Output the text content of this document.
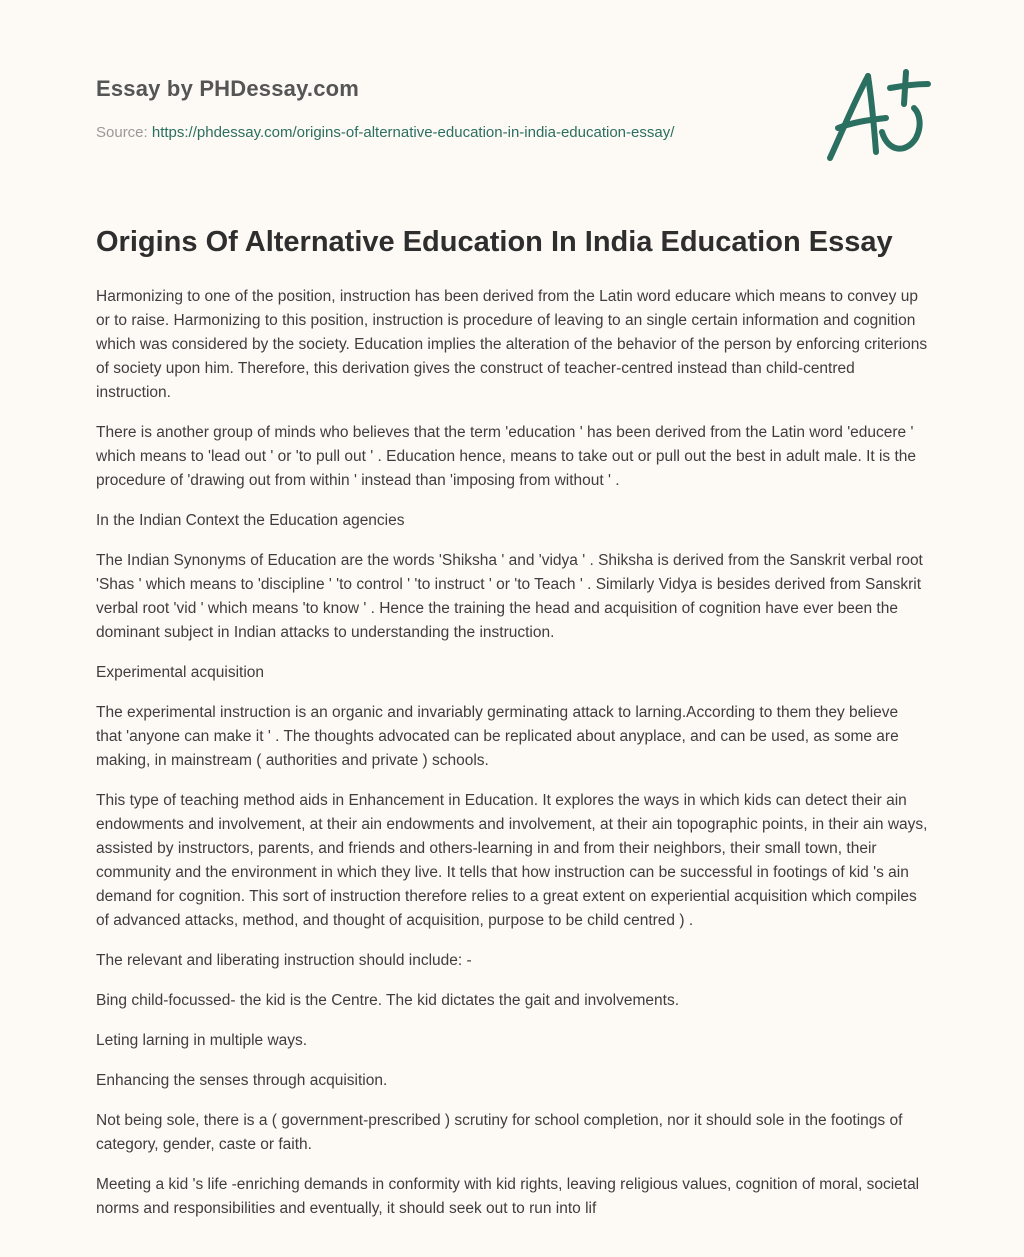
Essay by PHDessay.com
Source: https://phdessay.com/origins-of-alternative-education-in-india-education-essay/
Origins Of Alternative Education In India Education Essay

Harmonizing to one of the position, instruction has been derived from the Latin word educare which means to convey up or to raise. Harmonizing to this position, instruction is procedure of leaving to an single certain information and cognition which was considered by the society. Education implies the alteration of the behavior of the person by enforcing criterions of society upon him. Therefore, this derivation gives the construct of teacher-centred instead than child-centred instruction.

There is another group of minds who believes that the term 'education ' has been derived from the Latin word 'educere ' which means to 'lead out ' or 'to pull out ' . Education hence, means to take out or pull out the best in adult male. It is the procedure of 'drawing out from within ' instead than 'imposing from without ' .

In the Indian Context the Education agencies

The Indian Synonyms of Education are the words 'Shiksha ' and 'vidya ' . Shiksha is derived from the Sanskrit verbal root 'Shas ' which means to 'discipline ' 'to control ' 'to instruct ' or 'to Teach ' . Similarly Vidya is besides derived from Sanskrit verbal root 'vid ' which means 'to know ' . Hence the training the head and acquisition of cognition have ever been the dominant subject in Indian attacks to understanding the instruction.

Experimental acquisition

The experimental instruction is an organic and invariably germinating attack to larning.According to them they believe that 'anyone can make it ' . The thoughts advocated can be replicated about anyplace, and can be used, as some are making, in mainstream ( authorities and private ) schools.

This type of teaching method aids in Enhancement in Education. It explores the ways in which kids can detect their ain endowments and involvement, at their ain endowments and involvement, at their ain topographic points, in their ain ways, assisted by instructors, parents, and friends and others-learning in and from their neighbors, their small town, their community and the environment in which they live. It tells that how instruction can be successful in footings of kid 's ain demand for cognition. This sort of instruction therefore relies to a great extent on experiential acquisition which compiles of advanced attacks, method, and thought of acquisition, purpose to be child centred ) .

The relevant and liberating instruction should include: -

Bing child-focussed- the kid is the Centre. The kid dictates the gait and involvements.

Leting larning in multiple ways.

Enhancing the senses through acquisition.

Not being sole, there is a ( government-prescribed ) scrutiny for school completion, nor it should sole in the footings of category, gender, caste or faith.

Meeting a kid 's life -enriching demands in conformity with kid rights, leaving religious values, cognition of moral, societal norms and responsibilities and eventually, it should seek out to run into lif
